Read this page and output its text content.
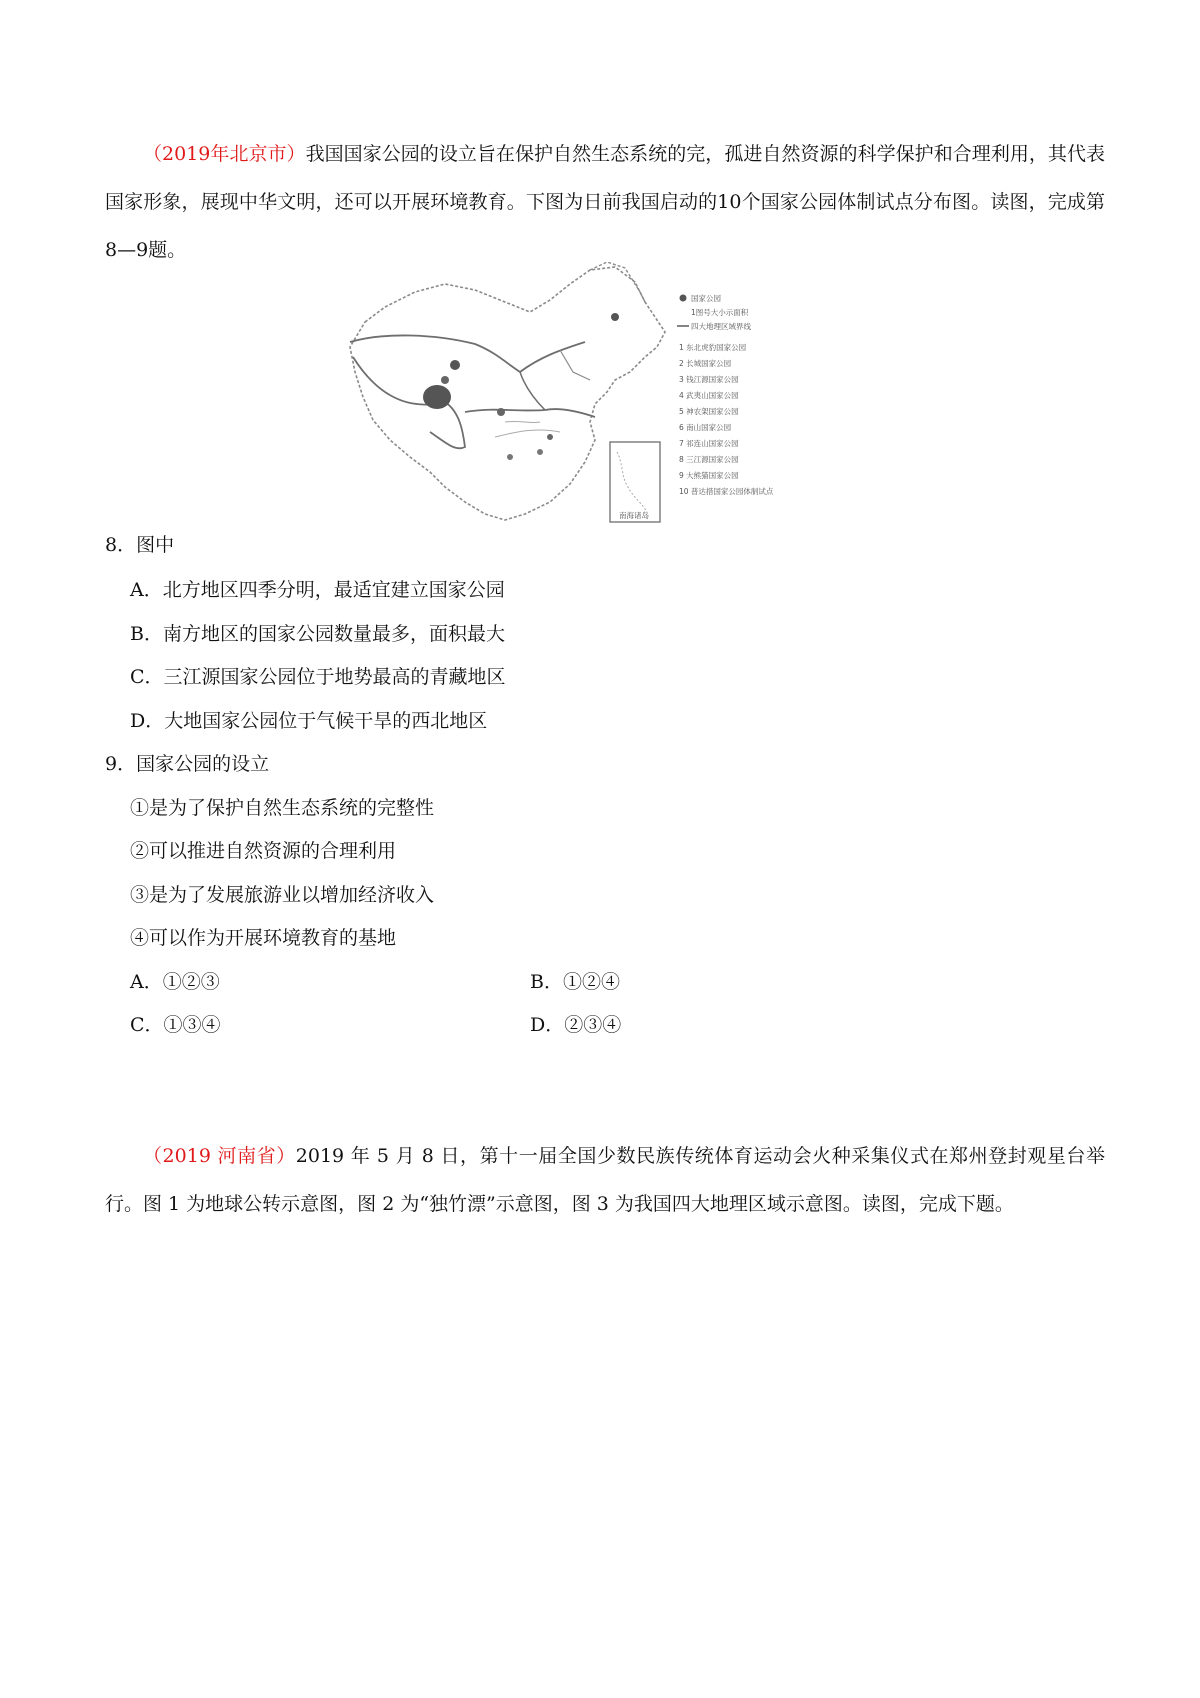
（2019年北京市）我国国家公园的设立旨在保护自然生态系统的完，孤进自然资源的科学保护和合理利用，其代表国家形象，展现中华文明，还可以开展环境教育。下图为日前我国启动的10个国家公园体制试点分布图。读图，完成第8—9题。
南海诸岛
国家公园
1图号大小示面积
四大地理区域界线
1 东北虎豹国家公园
2 长城国家公园
3 钱江源国家公园
4 武夷山国家公园
5 神农架国家公园
6 南山国家公园
7 祁连山国家公园
8 三江源国家公园
9 大熊猫国家公园
10 普达措国家公园体制试点
8．图中
A．北方地区四季分明，最适宜建立国家公园
B．南方地区的国家公园数量最多，面积最大
C．三江源国家公园位于地势最高的青藏地区
D．大地国家公园位于气候干旱的西北地区
9．国家公园的设立
①是为了保护自然生态系统的完整性
②可以推进自然资源的合理利用
③是为了发展旅游业以增加经济收入
④可以作为开展环境教育的基地
A．①②③	B．①②④
C．①③④	D．②③④
（2019 河南省）2019 年 5 月 8 日，第十一届全国少数民族传统体育运动会火种采集仪式在郑州登封观星台举行。图 1 为地球公转示意图，图 2 为“独竹漂”示意图，图 3 为我国四大地理区域示意图。读图，完成下题。
